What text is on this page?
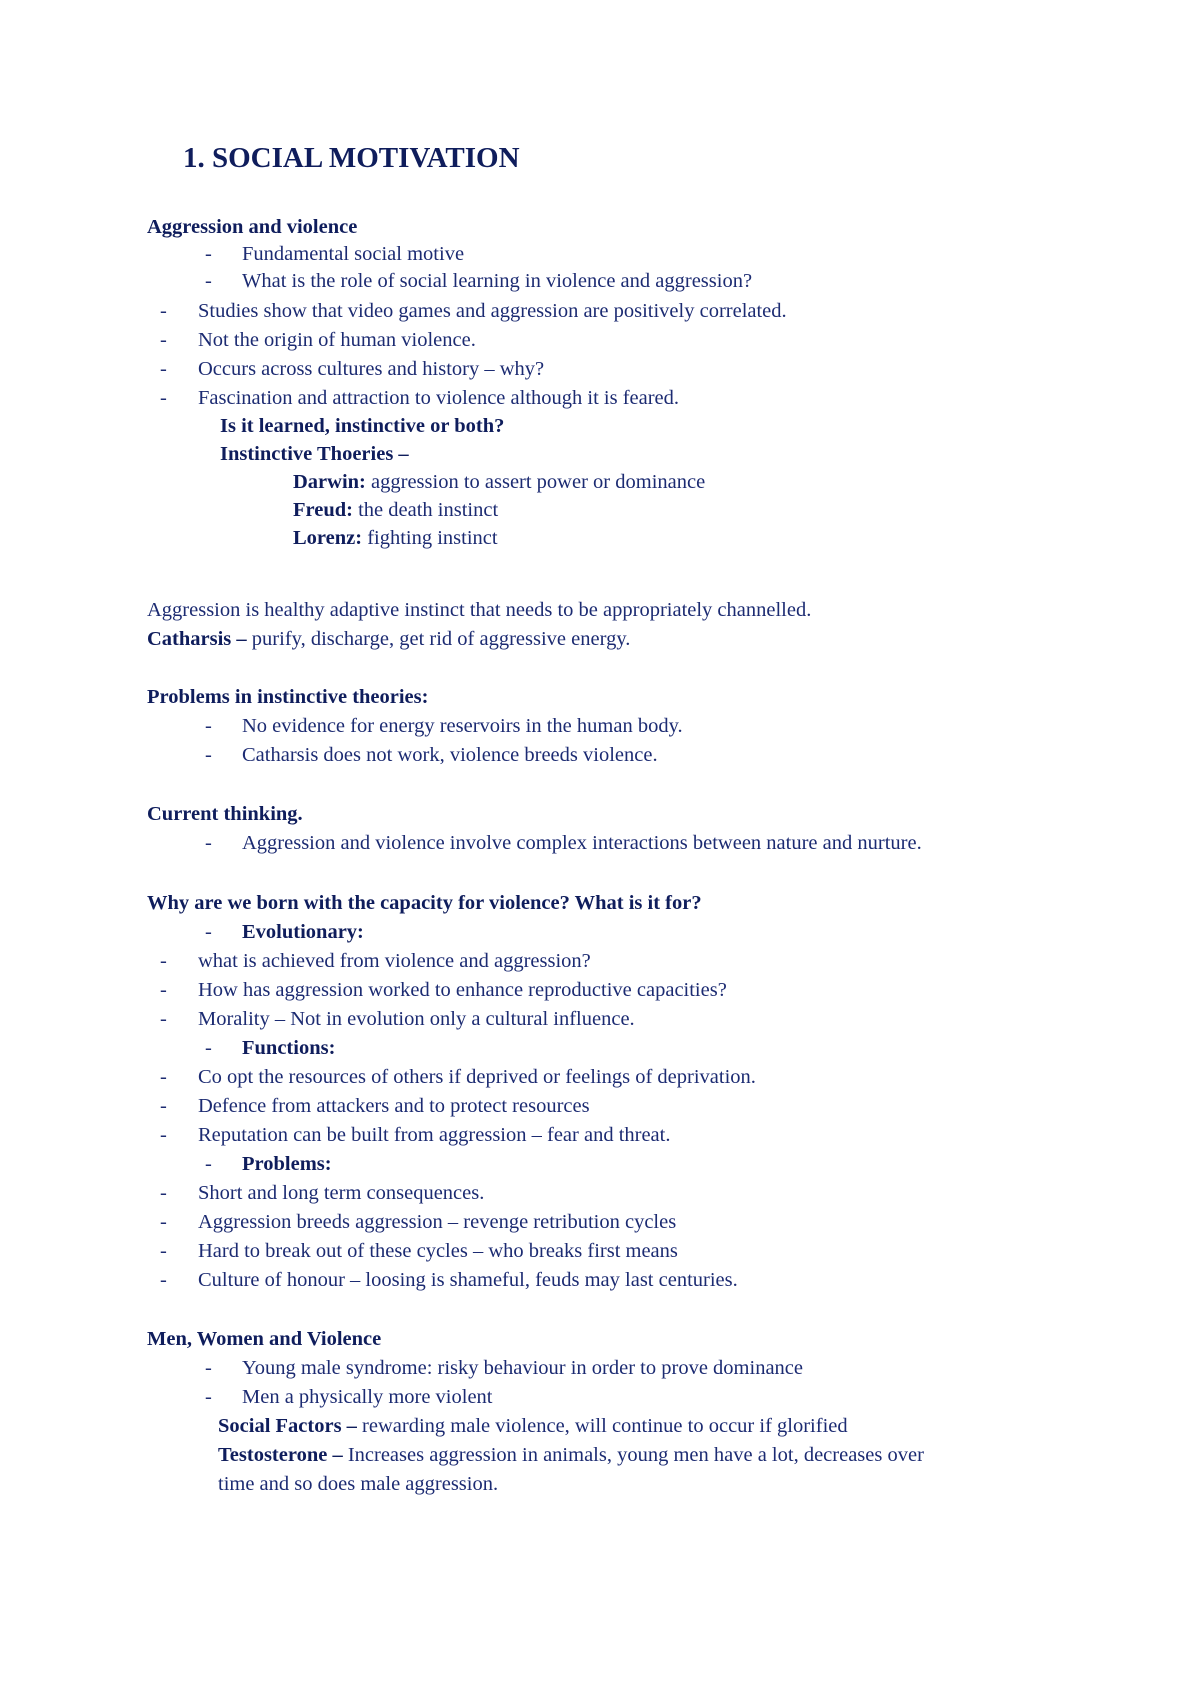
1. SOCIAL MOTIVATION
Aggression and violence
- Fundamental social motive
- What is the role of social learning in violence and aggression?
- Studies show that video games and aggression are positively correlated.
- Not the origin of human violence.
- Occurs across cultures and history – why?
- Fascination and attraction to violence although it is feared.
Is it learned, instinctive or both?
Instinctive Thoeries –
Darwin: aggression to assert power or dominance
Freud: the death instinct
Lorenz: fighting instinct
Aggression is healthy adaptive instinct that needs to be appropriately channelled.
Catharsis – purify, discharge, get rid of aggressive energy.
Problems in instinctive theories:
- No evidence for energy reservoirs in the human body.
- Catharsis does not work, violence breeds violence.
Current thinking.
- Aggression and violence involve complex interactions between nature and nurture.
Why are we born with the capacity for violence? What is it for?
- Evolutionary:
- what is achieved from violence and aggression?
- How has aggression worked to enhance reproductive capacities?
- Morality – Not in evolution only a cultural influence.
- Functions:
- Co opt the resources of others if deprived or feelings of deprivation.
- Defence from attackers and to protect resources
- Reputation can be built from aggression – fear and threat.
- Problems:
- Short and long term consequences.
- Aggression breeds aggression – revenge retribution cycles
- Hard to break out of these cycles – who breaks first means
- Culture of honour – loosing is shameful, feuds may last centuries.
Men, Women and Violence
- Young male syndrome: risky behaviour in order to prove dominance
- Men a physically more violent
Social Factors – rewarding male violence, will continue to occur if glorified
Testosterone – Increases aggression in animals, young men have a lot, decreases over
time and so does male aggression.
